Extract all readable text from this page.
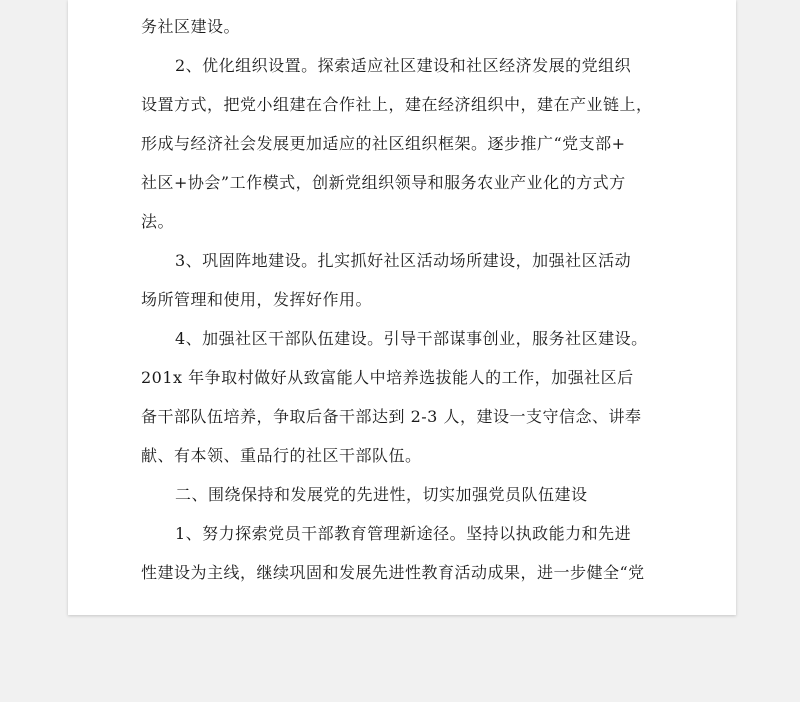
务社区建设。
2、优化组织设置。探索适应社区建设和社区经济发展的党组织
设置方式，把党小组建在合作社上，建在经济组织中，建在产业链上，
形成与经济社会发展更加适应的社区组织框架。逐步推广“党支部+
社区+协会”工作模式，创新党组织领导和服务农业产业化的方式方
法。
3、巩固阵地建设。扎实抓好社区活动场所建设，加强社区活动
场所管理和使用，发挥好作用。
4、加强社区干部队伍建设。引导干部谋事创业，服务社区建设。
201x 年争取村做好从致富能人中培养选拔能人的工作，加强社区后
备干部队伍培养，争取后备干部达到 2-3 人，建设一支守信念、讲奉
献、有本领、重品行的社区干部队伍。
二、围绕保持和发展党的先进性，切实加强党员队伍建设
1、努力探索党员干部教育管理新途径。坚持以执政能力和先进
性建设为主线，继续巩固和发展先进性教育活动成果，进一步健全“党
